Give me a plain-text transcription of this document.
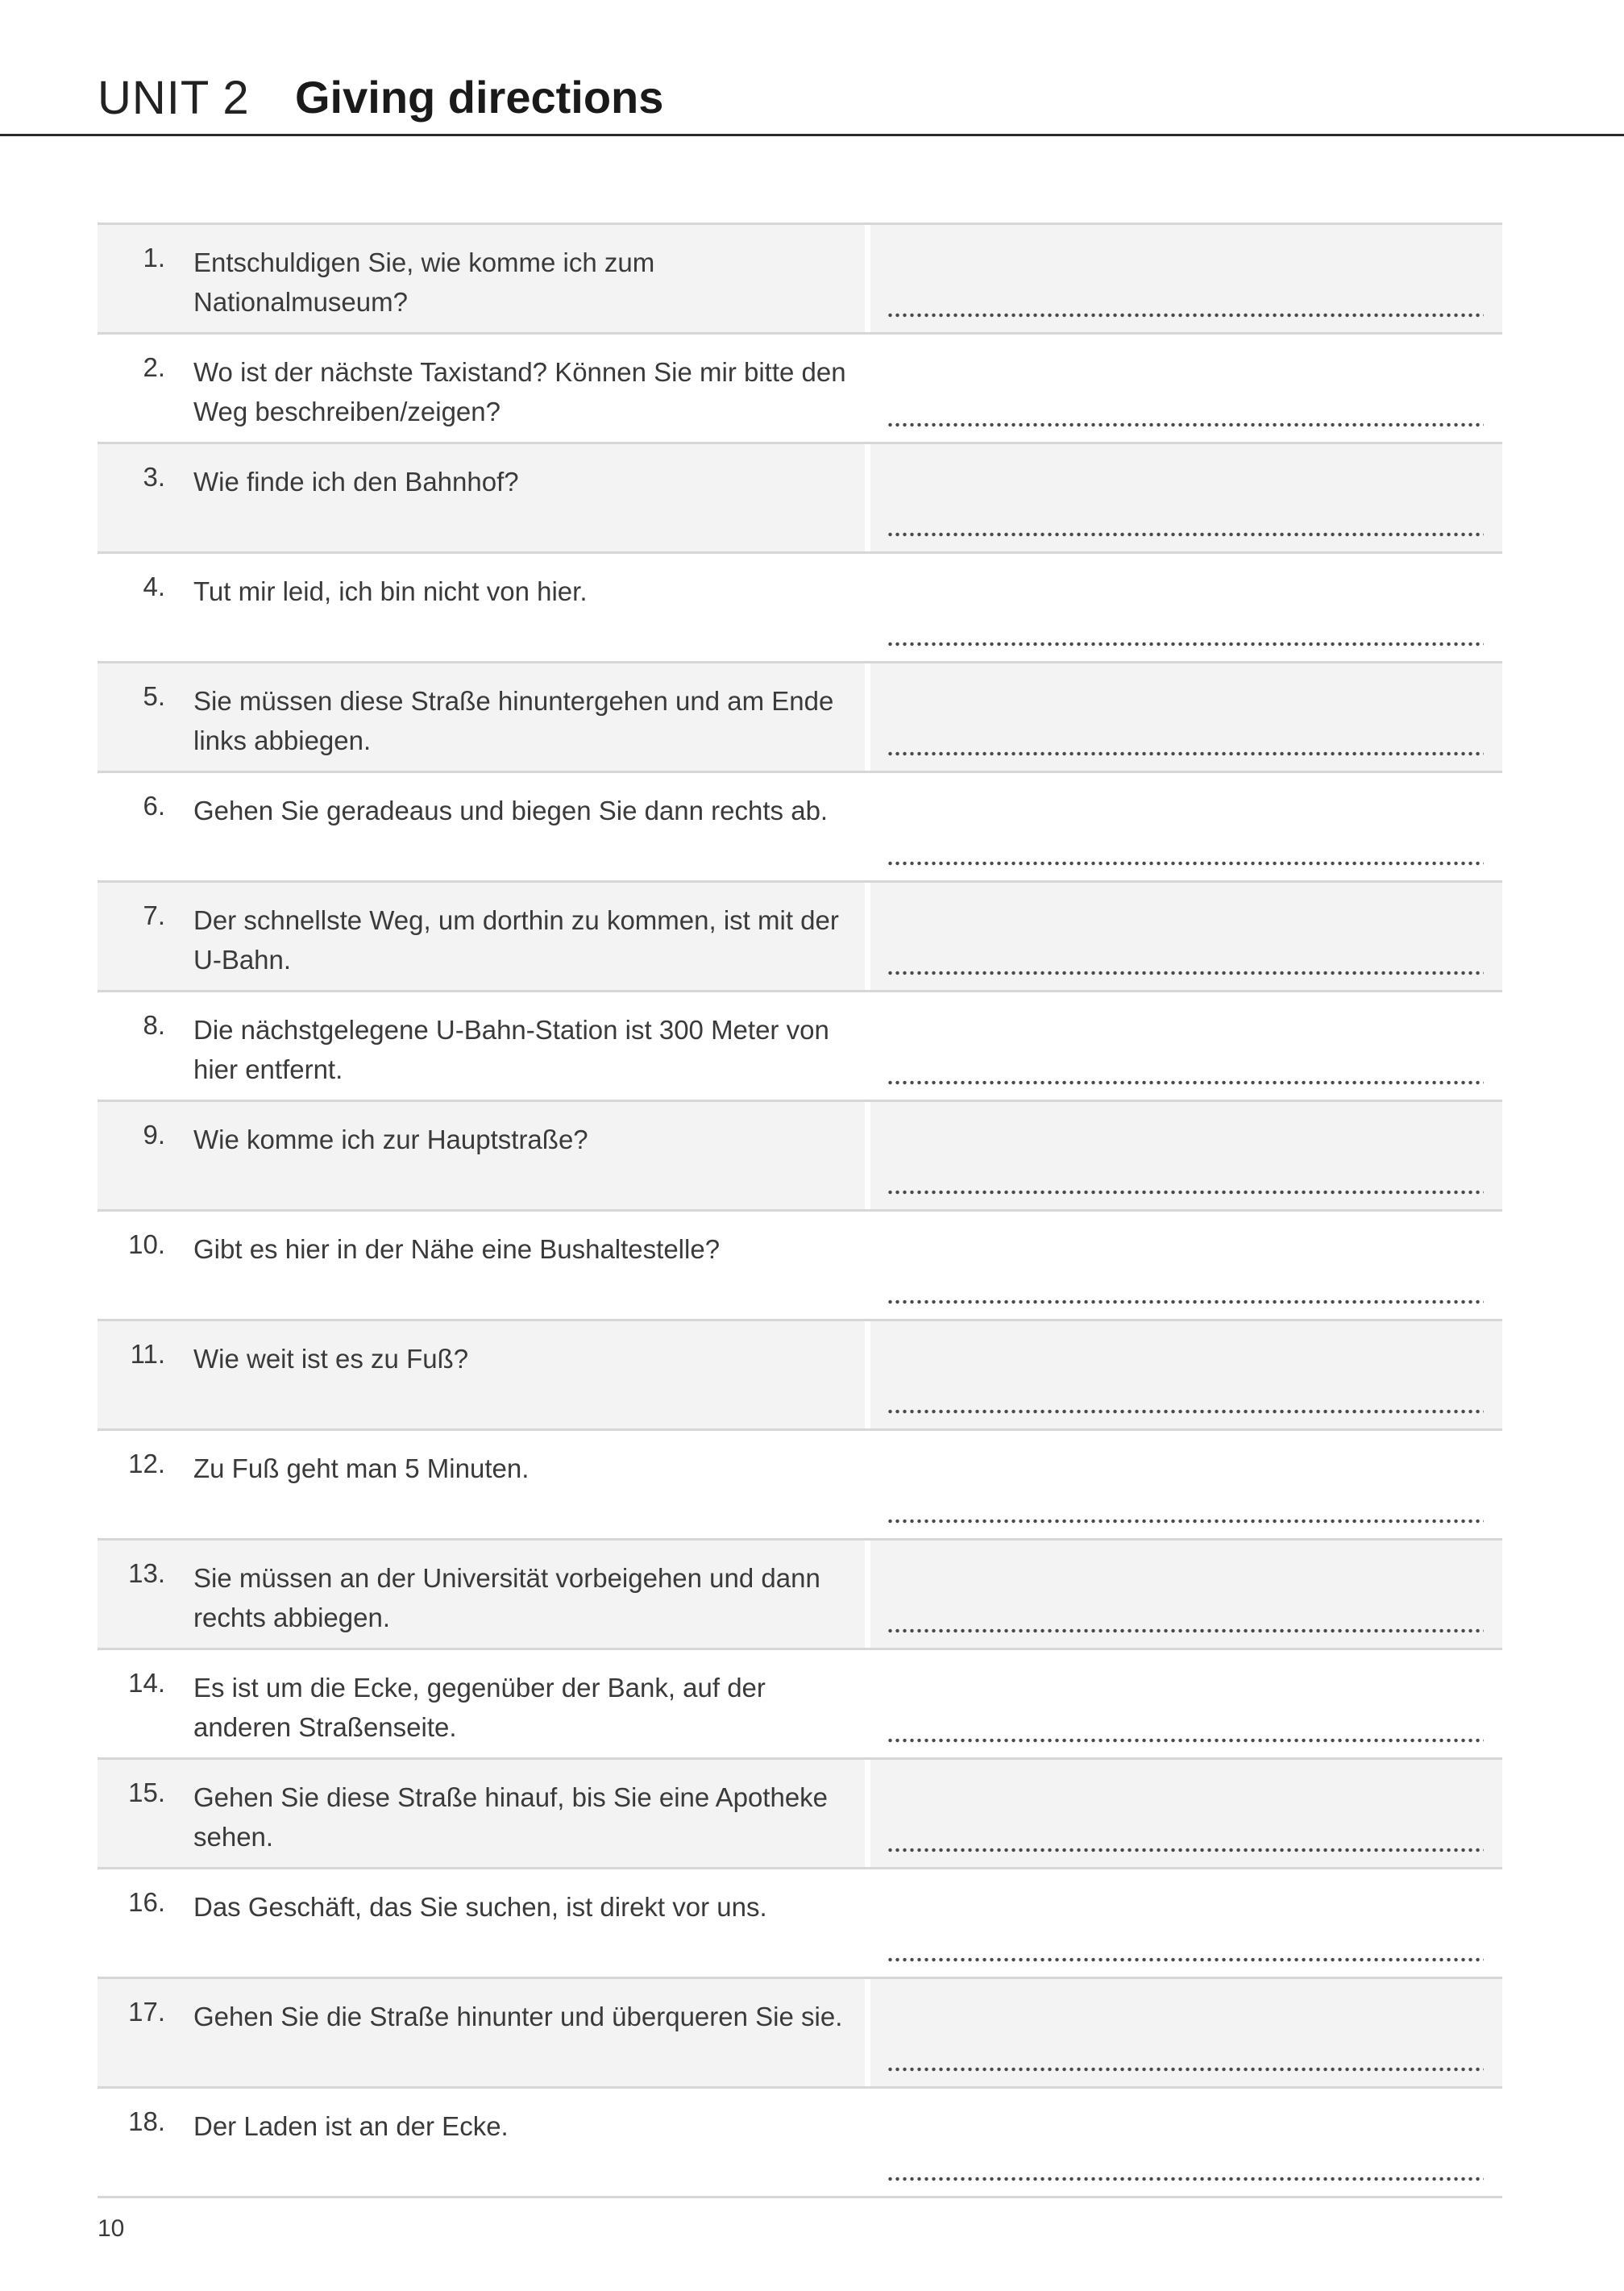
UNIT 2 Giving directions
1. Entschuldigen Sie, wie komme ich zum Nationalmuseum?
2. Wo ist der nächste Taxistand? Können Sie mir bitte den Weg beschreiben/zeigen?
3. Wie finde ich den Bahnhof?
4. Tut mir leid, ich bin nicht von hier.
5. Sie müssen diese Straße hinuntergehen und am Ende links abbiegen.
6. Gehen Sie geradeaus und biegen Sie dann rechts ab.
7. Der schnellste Weg, um dorthin zu kommen, ist mit der U-Bahn.
8. Die nächstgelegene U-Bahn-Station ist 300 Meter von hier entfernt.
9. Wie komme ich zur Hauptstraße?
10. Gibt es hier in der Nähe eine Bushaltestelle?
11. Wie weit ist es zu Fuß?
12. Zu Fuß geht man 5 Minuten.
13. Sie müssen an der Universität vorbeigehen und dann rechts abbiegen.
14. Es ist um die Ecke, gegenüber der Bank, auf der anderen Straßenseite.
15. Gehen Sie diese Straße hinauf, bis Sie eine Apotheke sehen.
16. Das Geschäft, das Sie suchen, ist direkt vor uns.
17. Gehen Sie die Straße hinunter und überqueren Sie sie.
18. Der Laden ist an der Ecke.
10
